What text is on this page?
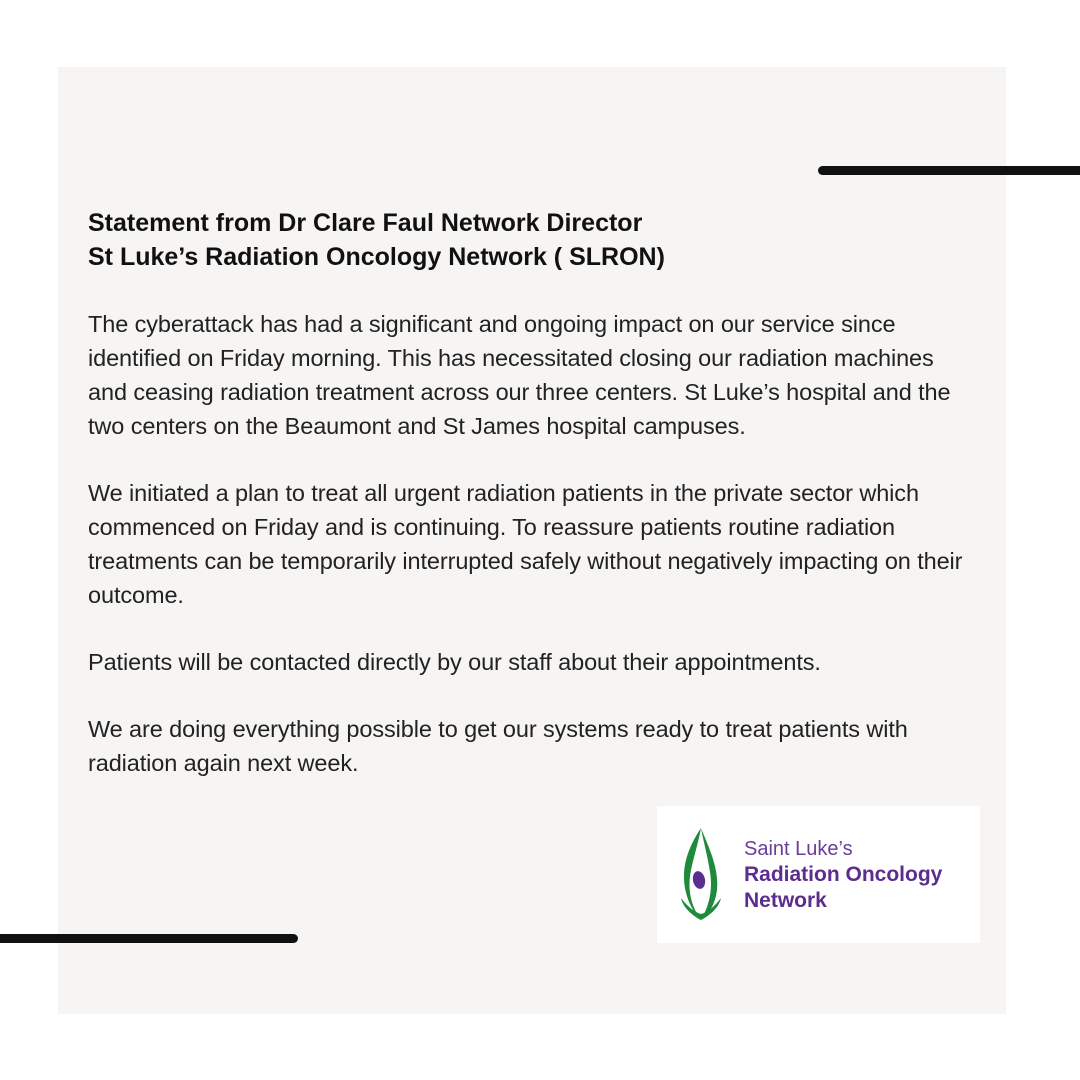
Statement from Dr Clare Faul Network Director
St Luke’s Radiation Oncology Network ( SLRON)

The cyberattack has had a significant and ongoing impact on our service since identified on Friday morning. This has necessitated closing our radiation machines and ceasing radiation treatment across our three centers. St Luke’s hospital and the two centers on the Beaumont and St James hospital campuses.

We initiated a plan to treat all urgent radiation patients in the private sector which commenced on Friday and is continuing. To reassure patients routine radiation treatments can be temporarily interrupted safely without negatively impacting on their outcome.

Patients will be contacted directly by our staff about their appointments.

We are doing everything possible to get our systems ready to treat patients with radiation again next week.

Saint Luke’s
Radiation Oncology
Network
